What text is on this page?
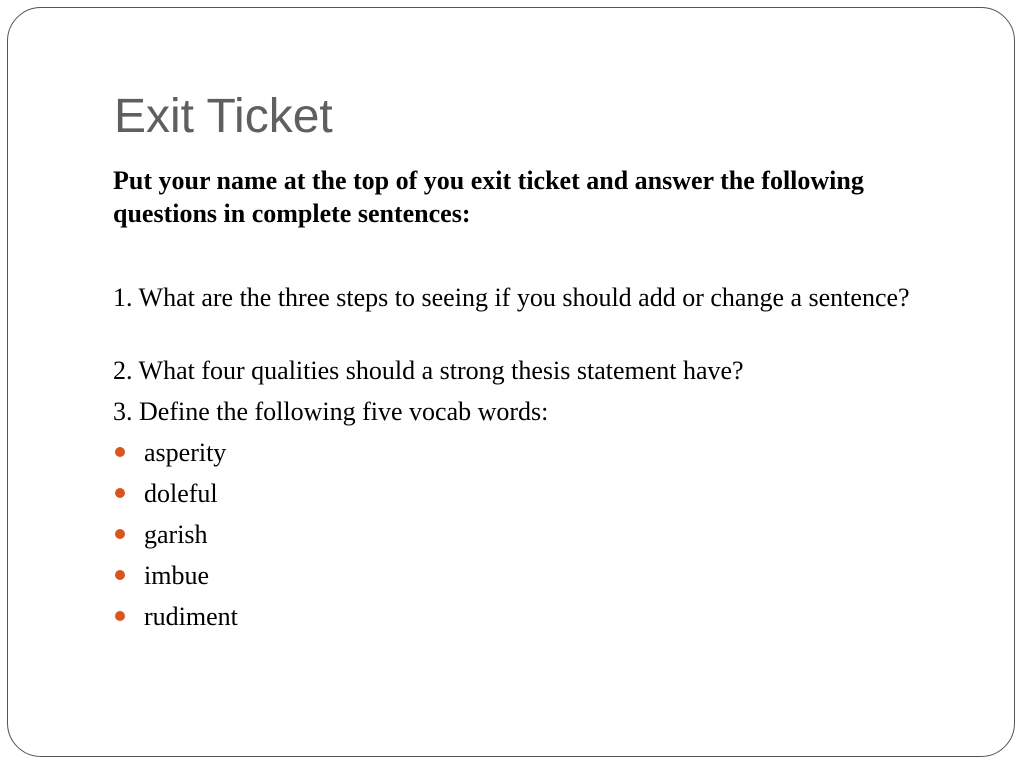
Exit Ticket

Put your name at the top of you exit ticket and answer the following questions in complete sentences:

1. What are the three steps to seeing if you should add or change a sentence?

2. What four qualities should a strong thesis statement have?

3. Define the following five vocab words:

asperity
doleful
garish
imbue
rudiment
